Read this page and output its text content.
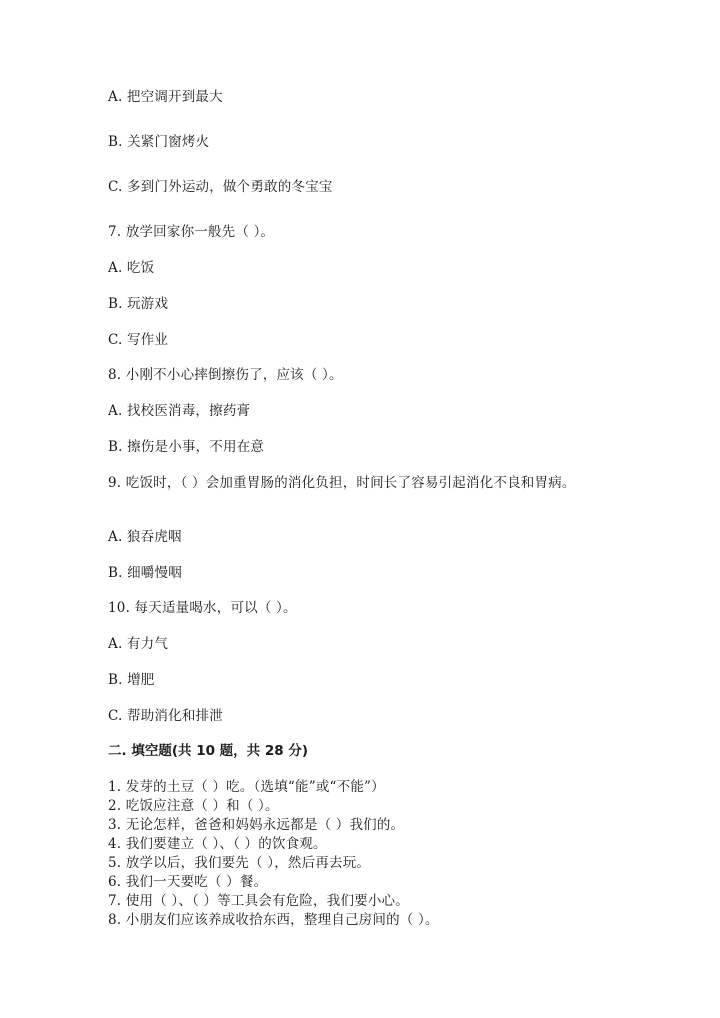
A. 把空调开到最大
B. 关紧门窗烤火
C. 多到门外运动，做个勇敢的冬宝宝
7. 放学回家你一般先（ ）。
A. 吃饭
B. 玩游戏
C. 写作业
8. 小刚不小心摔倒擦伤了，应该（ ）。
A. 找校医消毒，擦药膏
B. 擦伤是小事，不用在意
9. 吃饭时，（ ）会加重胃肠的消化负担，时间长了容易引起消化不良和胃病。
A. 狼吞虎咽
B. 细嚼慢咽
10. 每天适量喝水，可以（ ）。
A. 有力气
B. 增肥
C. 帮助消化和排泄
二. 填空题(共 10 题，共 28 分)
1. 发芽的土豆（ ）吃。（选填“能”或“不能”）
2. 吃饭应注意（ ）和（ ）。
3. 无论怎样，爸爸和妈妈永远都是（ ）我们的。
4. 我们要建立（ ）、（ ）的饮食观。
5. 放学以后，我们要先（ ），然后再去玩。
6. 我们一天要吃（ ）餐。
7. 使用（ ）、（ ）等工具会有危险，我们要小心。
8. 小朋友们应该养成收拾东西，整理自己房间的（ ）。
